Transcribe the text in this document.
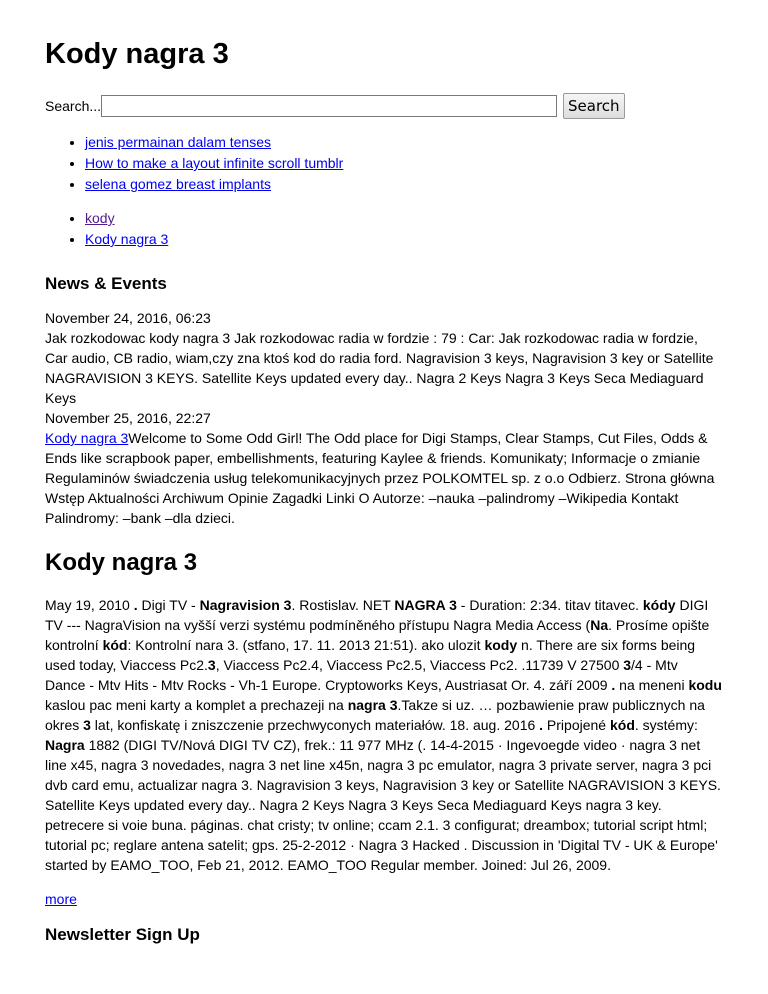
Kody nagra 3
Search...	Search
• jenis permainan dalam tenses
• How to make a layout infinite scroll tumblr
• selena gomez breast implants
• kody
• Kody nagra 3
News & Events

November 24, 2016, 06:23

Jak rozkodowac kody nagra 3 Jak rozkodowac radia w fordzie : 79 : Car: Jak rozkodowac radia w fordzie, Car audio, CB radio, wiam,czy zna ktoś kod do radia ford. Nagravision 3 keys, Nagravision 3 key or Satellite NAGRAVISION 3 KEYS. Satellite Keys updated every day.. Nagra 2 Keys Nagra 3 Keys Seca Mediaguard Keys

November 25, 2016, 22:27

Kody nagra 3Welcome to Some Odd Girl! The Odd place for Digi Stamps, Clear Stamps, Cut Files, Odds & Ends like scrapbook paper, embellishments, featuring Kaylee & friends. Komunikaty; Informacje o zmianie Regulaminów świadczenia usług telekomunikacyjnych przez POLKOMTEL sp. z o.o Odbierz. Strona główna Wstęp Aktualności Archiwum Opinie Zagadki Linki O Autorze: –nauka –palindromy –Wikipedia Kontakt Palindromy: –bank –dla dzieci.

Kody nagra 3

May 19, 2010 . Digi TV - Nagravision 3. Rostislav. NET NAGRA 3 - Duration: 2:34. titav titavec. kódy DIGI TV --- NagraVision na vyšší verzi systému podmíněného přístupu Nagra Media Access (Na. Prosíme opište kontrolní kód: Kontrolní nara 3. (stfano, 17. 11. 2013 21:51). ako ulozit kody n. There are six forms being used today, Viaccess Pc2.3, Viaccess Pc2.4, Viaccess Pc2.5, Viaccess Pc2. .11739 V 27500 3/4 - Mtv Dance - Mtv Hits - Mtv Rocks - Vh-1 Europe. Cryptoworks Keys, Austriasat Or. 4. září 2009 . na meneni kodu kaslou pac meni karty a komplet a prechazeji na nagra 3.Takze si uz. … pozbawienie praw publicznych na okres 3 lat, konfiskatę i zniszczenie przechwyconych materiałów. 18. aug. 2016 . Pripojené kód. systémy: Nagra 1882 (DIGI TV/Nová DIGI TV CZ), frek.: 11 977 MHz (. 14-4-2015 · Ingevoegde video · nagra 3 net line x45, nagra 3 novedades, nagra 3 net line x45n, nagra 3 pc emulator, nagra 3 private server, nagra 3 pci dvb card emu, actualizar nagra 3. Nagravision 3 keys, Nagravision 3 key or Satellite NAGRAVISION 3 KEYS. Satellite Keys updated every day.. Nagra 2 Keys Nagra 3 Keys Seca Mediaguard Keys nagra 3 key. petrecere si voie buna. páginas. chat cristy; tv online; ccam 2.1. 3 configurat; dreambox; tutorial script html; tutorial pc; reglare antena satelit; gps. 25-2-2012 · Nagra 3 Hacked . Discussion in 'Digital TV - UK & Europe' started by EAMO_TOO, Feb 21, 2012. EAMO_TOO Regular member. Joined: Jul 26, 2009.

more
Newsletter Sign Up
